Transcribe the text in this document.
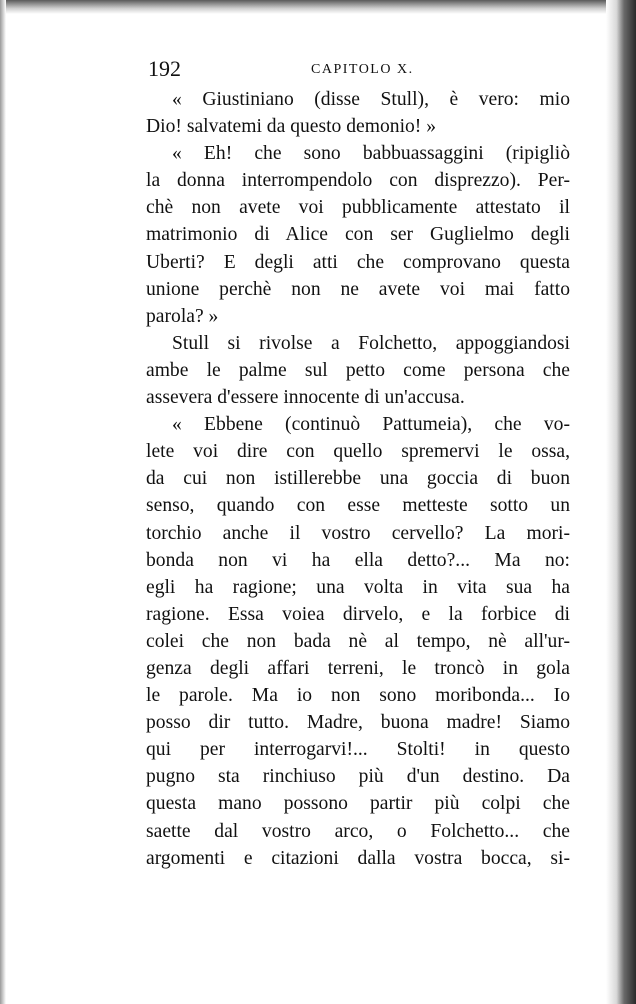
192	CAPITOLO X.
« Giustiniano (disse Stull), è vero: mio
Dio! salvatemi da questo demonio! »
« Eh! che sono babbuassaggini (ripigliò
la donna interrompendolo con disprezzo). Per-
chè non avete voi pubblicamente attestato il
matrimonio di Alice con ser Guglielmo degli
Uberti? E degli atti che comprovano questa
unione perchè non ne avete voi mai fatto
parola? »
Stull si rivolse a Folchetto, appoggiandosi
ambe le palme sul petto come persona che
assevera d'essere innocente di un'accusa.
« Ebbene (continuò Pattumeia), che vo-
lete voi dire con quello spremervi le ossa,
da cui non istillerebbe una goccia di buon
senso, quando con esse metteste sotto un
torchio anche il vostro cervello? La mori-
bonda non vi ha ella detto?... Ma no:
egli ha ragione; una volta in vita sua ha
ragione. Essa voiea dirvelo, e la forbice di
colei che non bada nè al tempo, nè all'ur-
genza degli affari terreni, le troncò in gola
le parole. Ma io non sono moribonda... Io
posso dir tutto. Madre, buona madre! Siamo
qui per interrogarvi!... Stolti! in questo
pugno sta rinchiuso più d'un destino. Da
questa mano possono partir più colpi che
saette dal vostro arco, o Folchetto... che
argomenti e citazioni dalla vostra bocca, si-
